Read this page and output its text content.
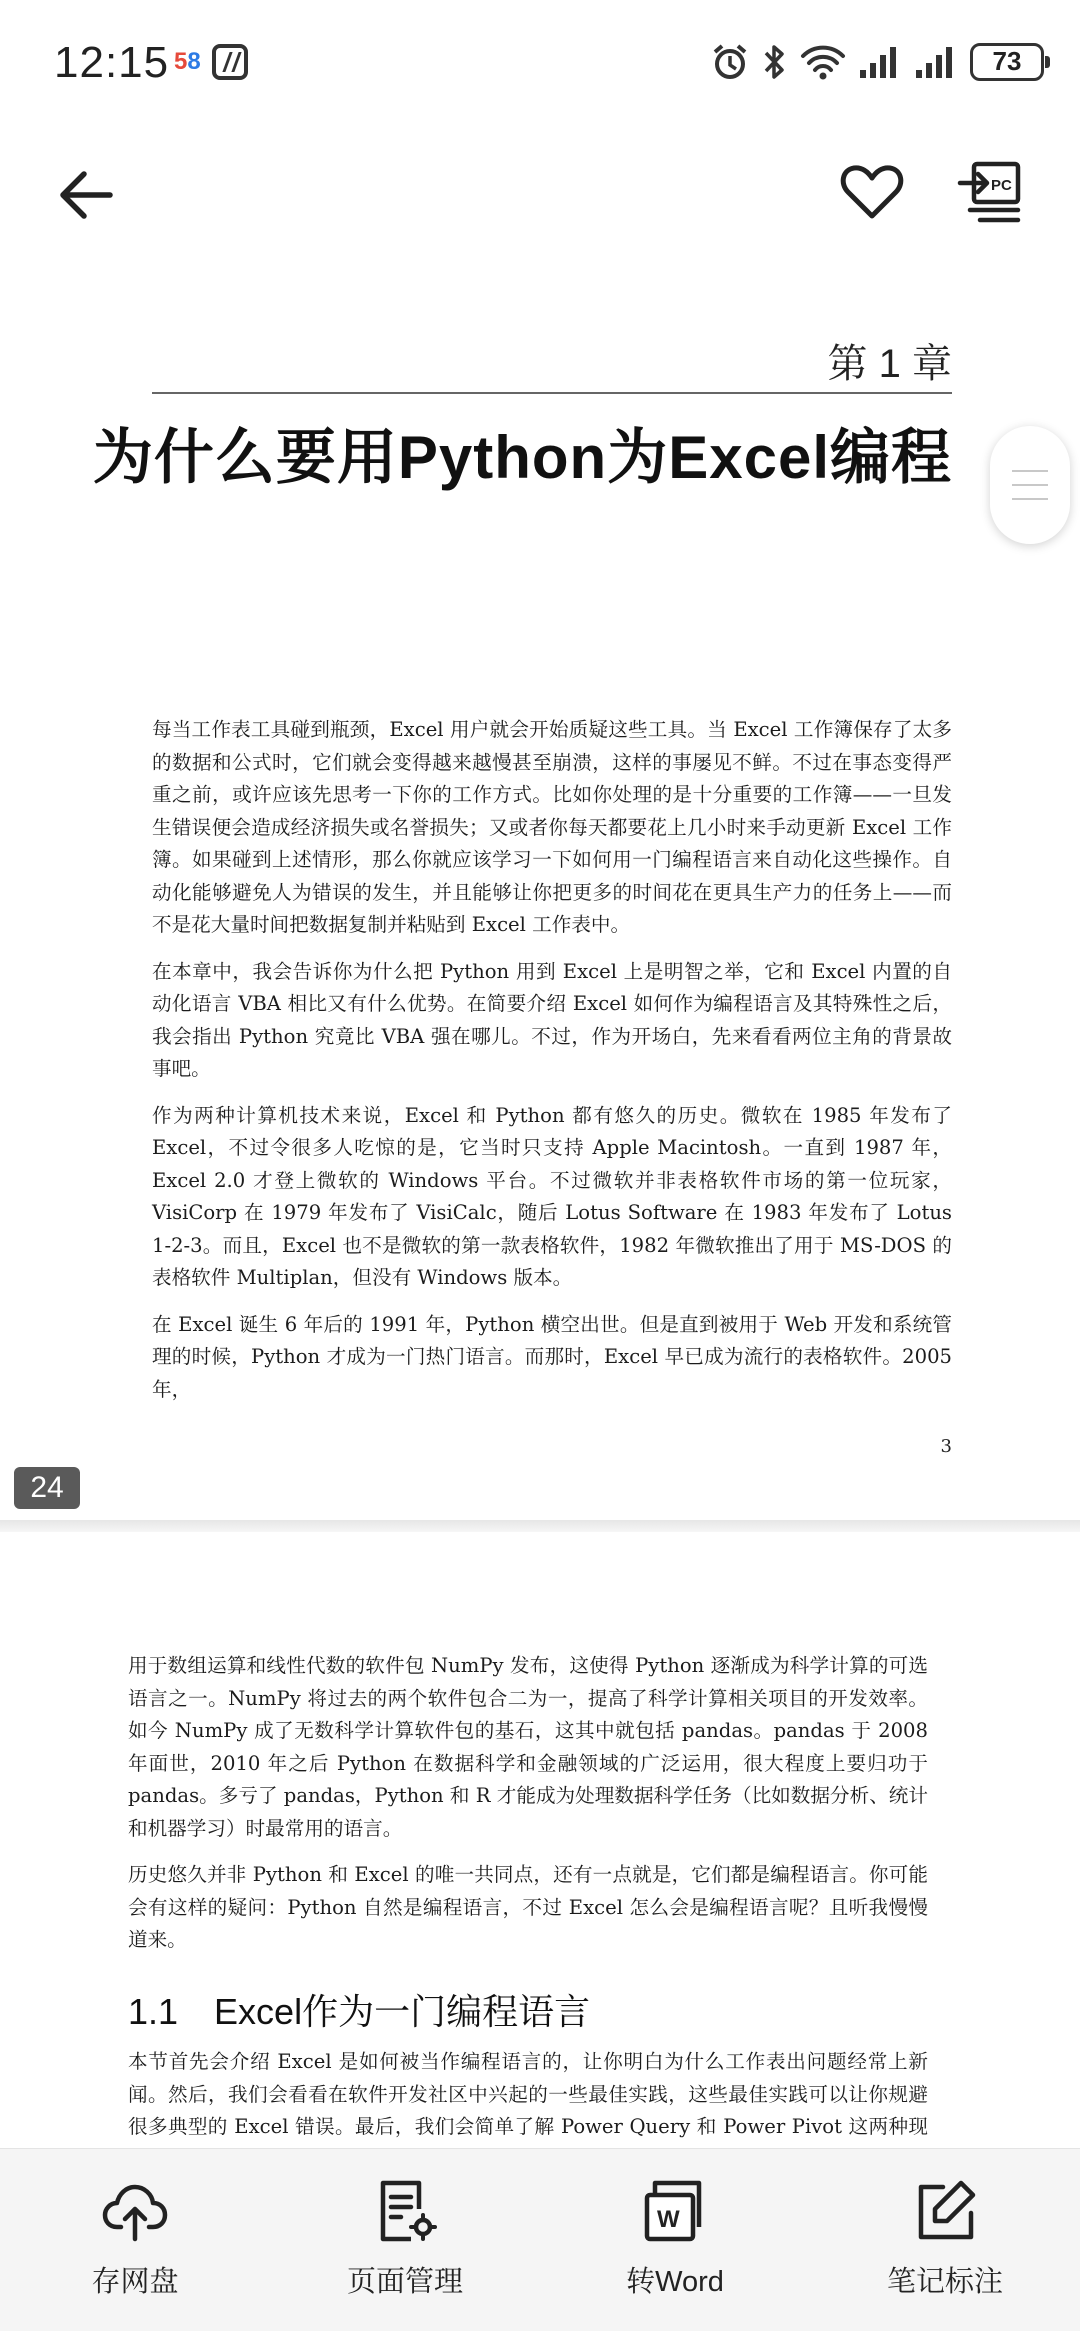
12:15 58	73
PC
第 1 章
为什么要用Python为Excel编程

每当工作表工具碰到瓶颈，Excel 用户就会开始质疑这些工具。当 Excel 工作簿保存了太多的数据和公式时，它们就会变得越来越慢甚至崩溃，这样的事屡见不鲜。不过在事态变得严重之前，或许应该先思考一下你的工作方式。比如你处理的是十分重要的工作簿——一旦发生错误便会造成经济损失或名誉损失；又或者你每天都要花上几小时来手动更新 Excel 工作簿。如果碰到上述情形，那么你就应该学习一下如何用一门编程语言来自动化这些操作。自动化能够避免人为错误的发生，并且能够让你把更多的时间花在更具生产力的任务上——而不是花大量时间把数据复制并粘贴到 Excel 工作表中。

在本章中，我会告诉你为什么把 Python 用到 Excel 上是明智之举，它和 Excel 内置的自动化语言 VBA 相比又有什么优势。在简要介绍 Excel 如何作为编程语言及其特殊性之后，我会指出 Python 究竟比 VBA 强在哪儿。不过，作为开场白，先来看看两位主角的背景故事吧。

作为两种计算机技术来说，Excel 和 Python 都有悠久的历史。微软在 1985 年发布了 Excel，不过令很多人吃惊的是，它当时只支持 Apple Macintosh。一直到 1987 年，Excel 2.0 才登上微软的 Windows 平台。不过微软并非表格软件市场的第一位玩家，VisiCorp 在 1979 年发布了 VisiCalc，随后 Lotus Software 在 1983 年发布了 Lotus 1-2-3。而且，Excel 也不是微软的第一款表格软件，1982 年微软推出了用于 MS-DOS 的表格软件 Multiplan，但没有 Windows 版本。

在 Excel 诞生 6 年后的 1991 年，Python 横空出世。但是直到被用于 Web 开发和系统管理的时候，Python 才成为一门热门语言。而那时，Excel 早已成为流行的表格软件。2005 年，

3
24

用于数组运算和线性代数的软件包 NumPy 发布，这使得 Python 逐渐成为科学计算的可选语言之一。NumPy 将过去的两个软件包合二为一，提高了科学计算相关项目的开发效率。如今 NumPy 成了无数科学计算软件包的基石，这其中就包括 pandas。pandas 于 2008 年面世，2010 年之后 Python 在数据科学和金融领域的广泛运用，很大程度上要归功于 pandas。多亏了 pandas，Python 和 R 才能成为处理数据科学任务（比如数据分析、统计和机器学习）时最常用的语言。

历史悠久并非 Python 和 Excel 的唯一共同点，还有一点就是，它们都是编程语言。你可能会有这样的疑问：Python 自然是编程语言，不过 Excel 怎么会是编程语言呢？且听我慢慢道来。

1.1　Excel作为一门编程语言

本节首先会介绍 Excel 是如何被当作编程语言的，让你明白为什么工作表出问题经常上新闻。然后，我们会看看在软件开发社区中兴起的一些最佳实践，这些最佳实践可以让你规避很多典型的 Excel 错误。最后，我们会简单了解 Power Query 和 Power Pivot 这两种现

存网盘	页面管理
W
转Word	笔记标注
